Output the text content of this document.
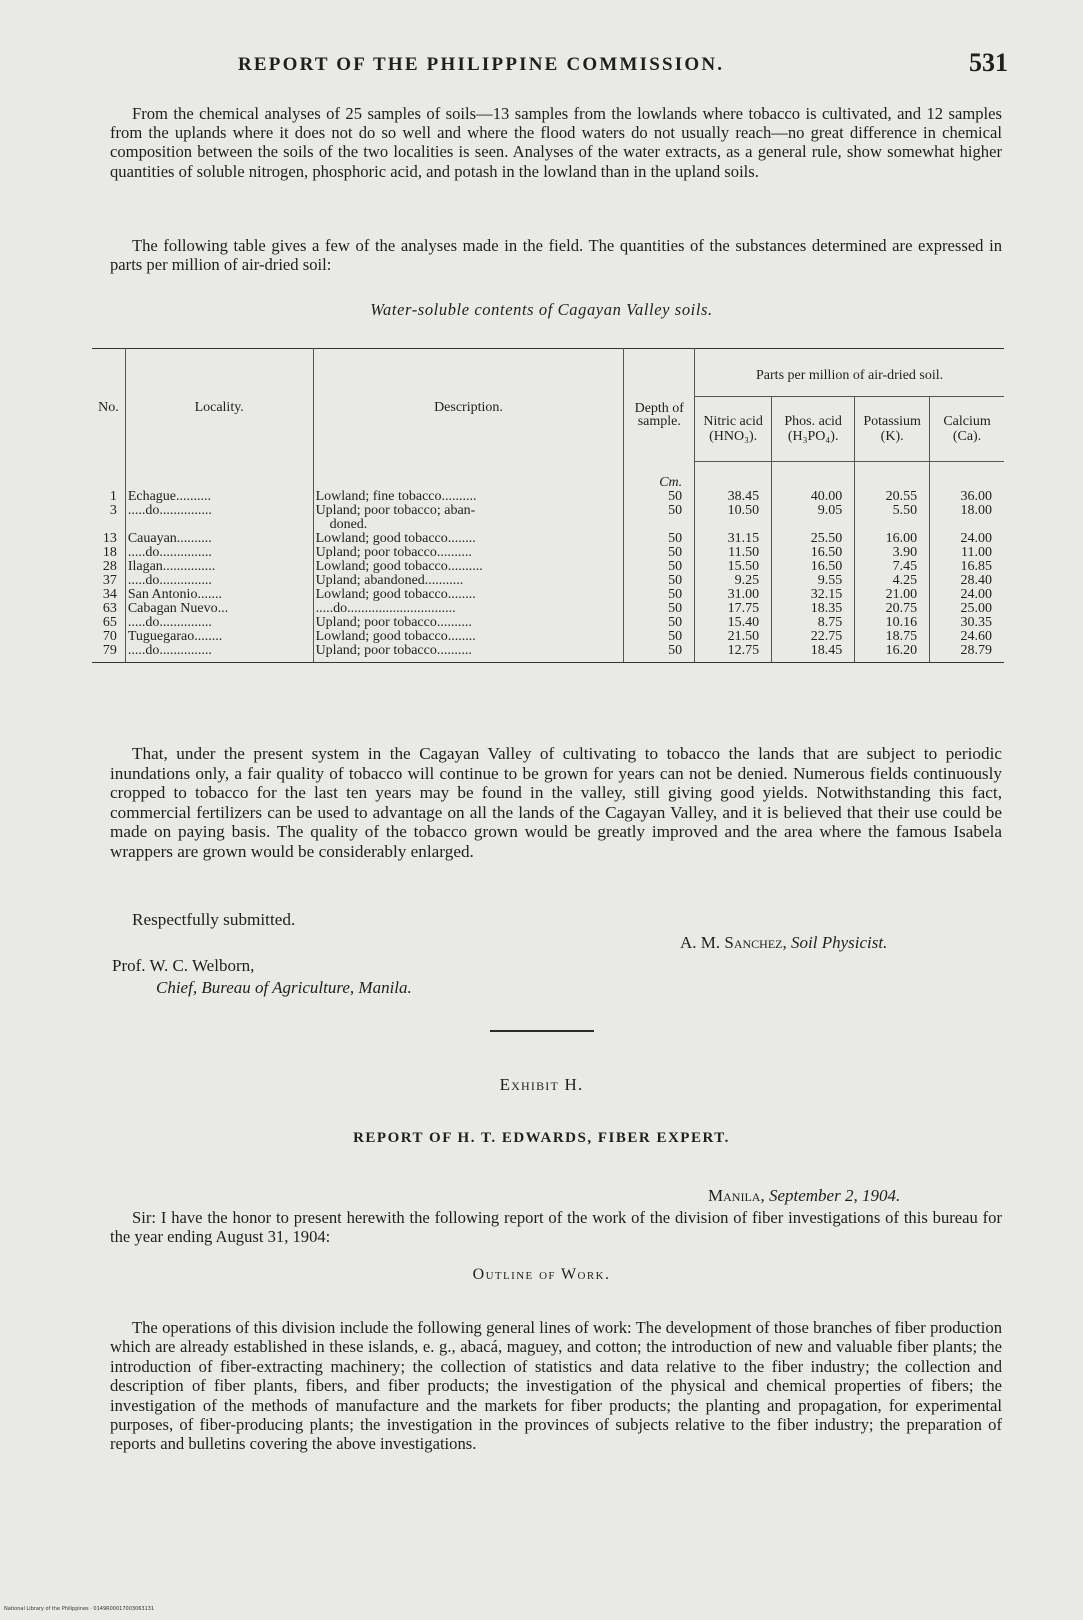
REPORT OF THE PHILIPPINE COMMISSION.	531

From the chemical analyses of 25 samples of soils—13 samples from the lowlands where tobacco is cultivated, and 12 samples from the uplands where it does not do so well and where the flood waters do not usually reach—no great difference in chemical composition between the soils of the two localities is seen. Analyses of the water extracts, as a general rule, show somewhat higher quantities of soluble nitrogen, phosphoric acid, and potash in the lowland than in the upland soils.

The following table gives a few of the analyses made in the field. The quantities of the substances determined are expressed in parts per million of air-dried soil:

Water-soluble contents of Cagayan Valley soils.
No.	Locality.	Description.	Depth of sample.	Parts per million of air-dried soil.			
				Nitric acid (HNO₃).	Phos. acid (H₃PO₄).	Potassium (K).	Calcium (Ca).
			Cm.				
1	Echague..........	Lowland; fine tobacco..........	50	38.45	40.00	20.55	36.00
3	.....do...............	Upland; poor tobacco; aban-	50	10.50	9.05	5.50	18.00
		doned.					
13	Cauayan..........	Lowland; good tobacco........	50	31.15	25.50	16.00	24.00
18	.....do...............	Upland; poor tobacco..........	50	11.50	16.50	3.90	11.00
28	Ilagan...............	Lowland; good tobacco..........	50	15.50	16.50	7.45	16.85
37	.....do...............	Upland; abandoned...........	50	9.25	9.55	4.25	28.40
34	San Antonio.......	Lowland; good tobacco........	50	31.00	32.15	21.00	24.00
63	Cabagan Nuevo...	.....do...............................	50	17.75	18.35	20.75	25.00
65	.....do...............	Upland; poor tobacco..........	50	15.40	8.75	10.16	30.35
70	Tuguegarao........	Lowland; good tobacco........	50	21.50	22.75	18.75	24.60
79	.....do...............	Upland; poor tobacco..........	50	12.75	18.45	16.20	28.79

That, under the present system in the Cagayan Valley of cultivating to tobacco the lands that are subject to periodic inundations only, a fair quality of tobacco will continue to be grown for years can not be denied. Numerous fields continuously cropped to tobacco for the last ten years may be found in the valley, still giving good yields. Notwithstanding this fact, commercial fertilizers can be used to advantage on all the lands of the Cagayan Valley, and it is believed that their use could be made on paying basis. The quality of the tobacco grown would be greatly improved and the area where the famous Isabela wrappers are grown would be considerably enlarged.

Respectfully submitted.
A. M. Sanchez, Soil Physicist.
Prof. W. C. Welborn,
Chief, Bureau of Agriculture, Manila.
Exhibit H.
REPORT OF H. T. EDWARDS, FIBER EXPERT.
Manila, September 2, 1904.

Sir: I have the honor to present herewith the following report of the work of the division of fiber investigations of this bureau for the year ending August 31, 1904:

Outline of Work.

The operations of this division include the following general lines of work: The development of those branches of fiber production which are already established in these islands, e. g., abacá, maguey, and cotton; the introduction of new and valuable fiber plants; the introduction of fiber-extracting machinery; the collection of statistics and data relative to the fiber industry; the collection and description of fiber plants, fibers, and fiber products; the investigation of the physical and chemical properties of fibers; the investigation of the methods of manufacture and the markets for fiber products; the planting and propagation, for experimental purposes, of fiber-producing plants; the investigation in the provinces of subjects relative to the fiber industry; the preparation of reports and bulletins covering the above investigations.

National Library of the Philippines · 0149R00017003063131
